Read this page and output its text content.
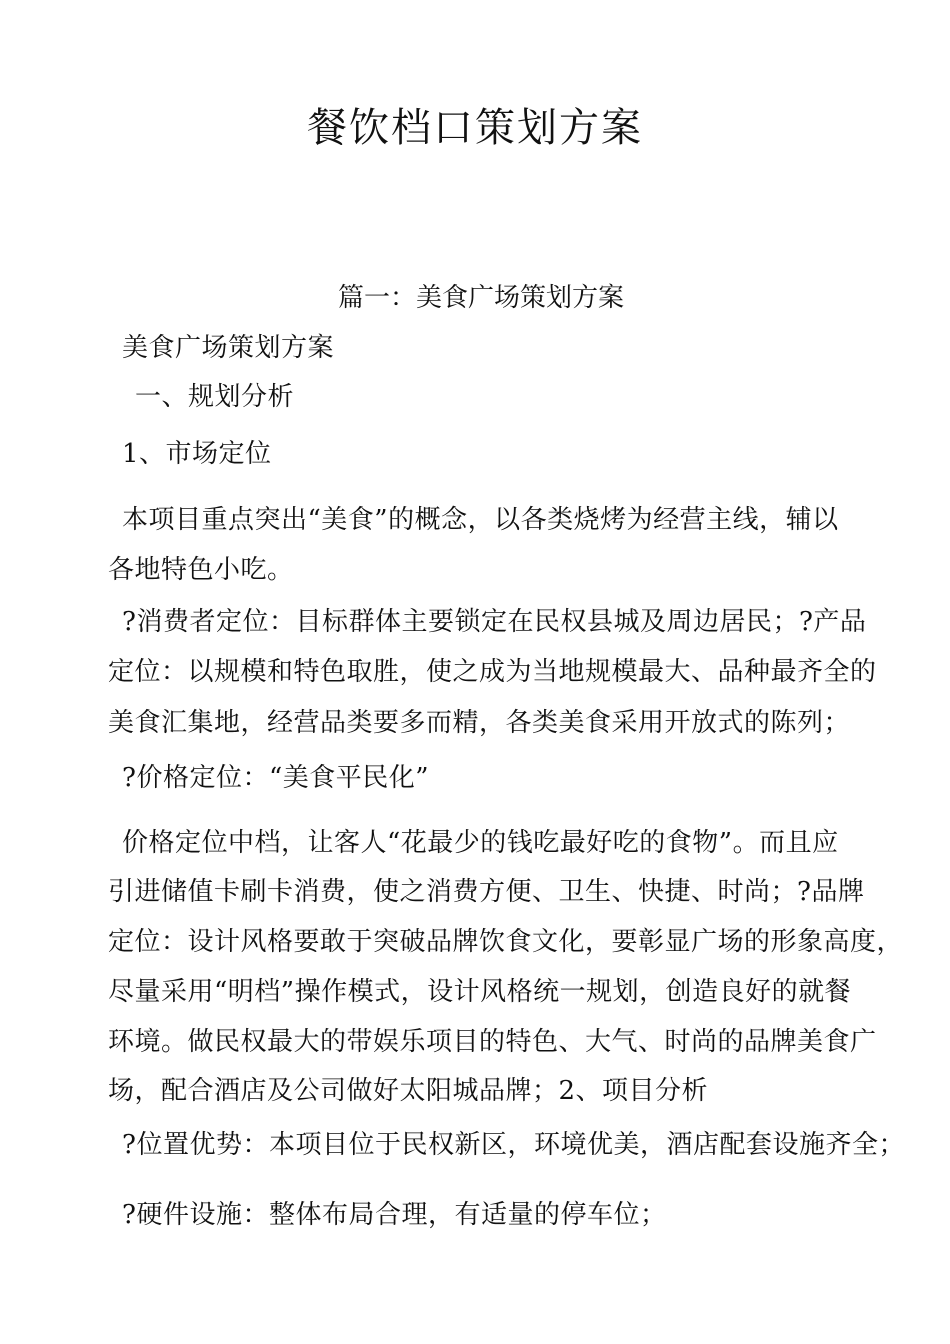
餐饮档口策划方案
篇一：美食广场策划方案
美食广场策划方案
一、规划分析
1、市场定位
本项目重点突出“美食”的概念，以各类烧烤为经营主线，辅以
各地特色小吃。
?消费者定位：目标群体主要锁定在民权县城及周边居民；?产品
定位：以规模和特色取胜，使之成为当地规模最大、品种最齐全的
美食汇集地，经营品类要多而精，各类美食采用开放式的陈列；
?价格定位：“美食平民化”
价格定位中档，让客人“花最少的钱吃最好吃的食物”。而且应
引进储值卡刷卡消费，使之消费方便、卫生、快捷、时尚；?品牌
定位：设计风格要敢于突破品牌饮食文化，要彰显广场的形象高度，
尽量采用“明档”操作模式，设计风格统一规划，创造良好的就餐
环境。做民权最大的带娱乐项目的特色、大气、时尚的品牌美食广
场，配合酒店及公司做好太阳城品牌；2、项目分析
?位置优势：本项目位于民权新区，环境优美，酒店配套设施齐全；
?硬件设施：整体布局合理，有适量的停车位；
